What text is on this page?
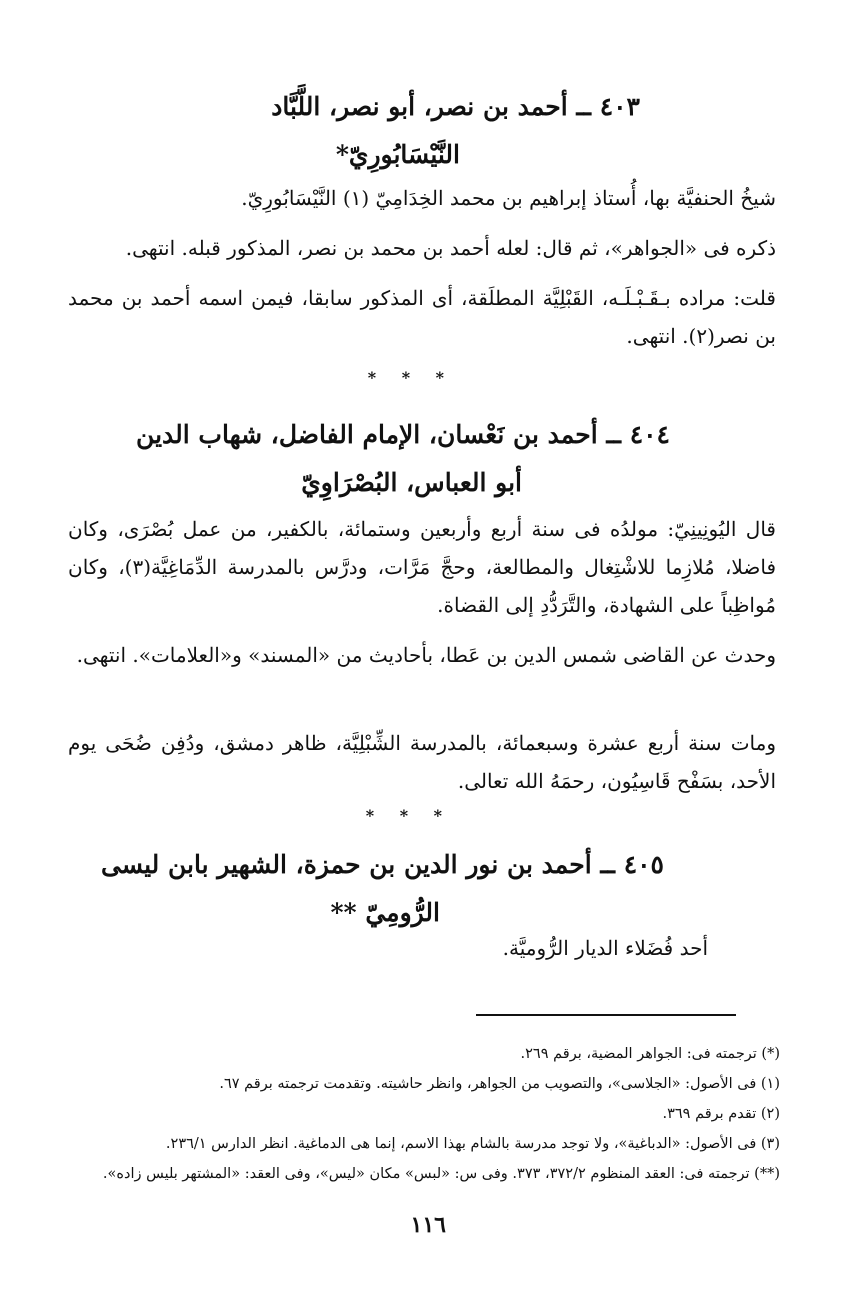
٤٠٣ ــ أحمد بن نصر، أبو نصر، اللَّبَّاد
النَّيْسَابُورِيّ*
شيخُ الحنفيَّة بها، أُستاذ إبراهيم بن محمد الخِدَامِيّ (١) النَّيْسَابُورِيّ.
ذكره فى «الجواهر»، ثم قال: لعله أحمد بن محمد بن نصر، المذكور قبله. انتهى.
قلت: مراده بـقَـبْـلَـه، القَبْلِيَّة المطلَقة، أى المذكور سابقا، فيمن اسمه أحمد بن محمد بن نصر(٢). انتهى.
* * *
٤٠٤ ــ أحمد بن نَعْسان، الإمام الفاضل، شهاب الدين
أبو العباس، البُصْرَاوِيّ
قال اليُونِينِيّ: مولدُه فى سنة أربع وأربعين وستمائة، بالكفير، من عمل بُصْرَى، وكان فاضلا، مُلازِما للاشْتِغال والمطالعة، وحجَّ مَرَّات، ودرَّس بالمدرسة الدِّمَاغِيَّة(٣)، وكان مُواظِباً على الشهادة، والتَّرَدُّدِ إلى القضاة.
وحدث عن القاضى شمس الدين بن عَطا، بأحاديث من «المسند» و«العلامات». انتهى.
ومات سنة أربع عشرة وسبعمائة، بالمدرسة الشِّبْلِيَّة، ظاهر دمشق، ودُفِن ضُحَى يوم الأحد، بسَفْح قَاسِيُون، رحمَهُ الله تعالى.
* * *
٤٠٥ ــ أحمد بن نور الدين بن حمزة، الشهير بابن ليسى
الرُّومِيّ **
أحد فُضَلاء الديار الرُّوميَّة.
(*) ترجمته فى: الجواهر المضية، برقم ٢٦٩.
(١) فى الأصول: «الجلاسى»، والتصويب من الجواهر، وانظر حاشيته. وتقدمت ترجمته برقم ٦٧.
(٢) تقدم برقم ٣٦٩.
(٣) فى الأصول: «الدباغية»، ولا توجد مدرسة بالشام بهذا الاسم، إنما هى الدماغية. انظر الدارس ٢٣٦/١.
(**) ترجمته فى: العقد المنظوم ٣٧٢/٢، ٣٧٣. وفى س: «لبس» مكان «ليس»، وفى العقد: «المشتهر بليس زاده».
١١٦
